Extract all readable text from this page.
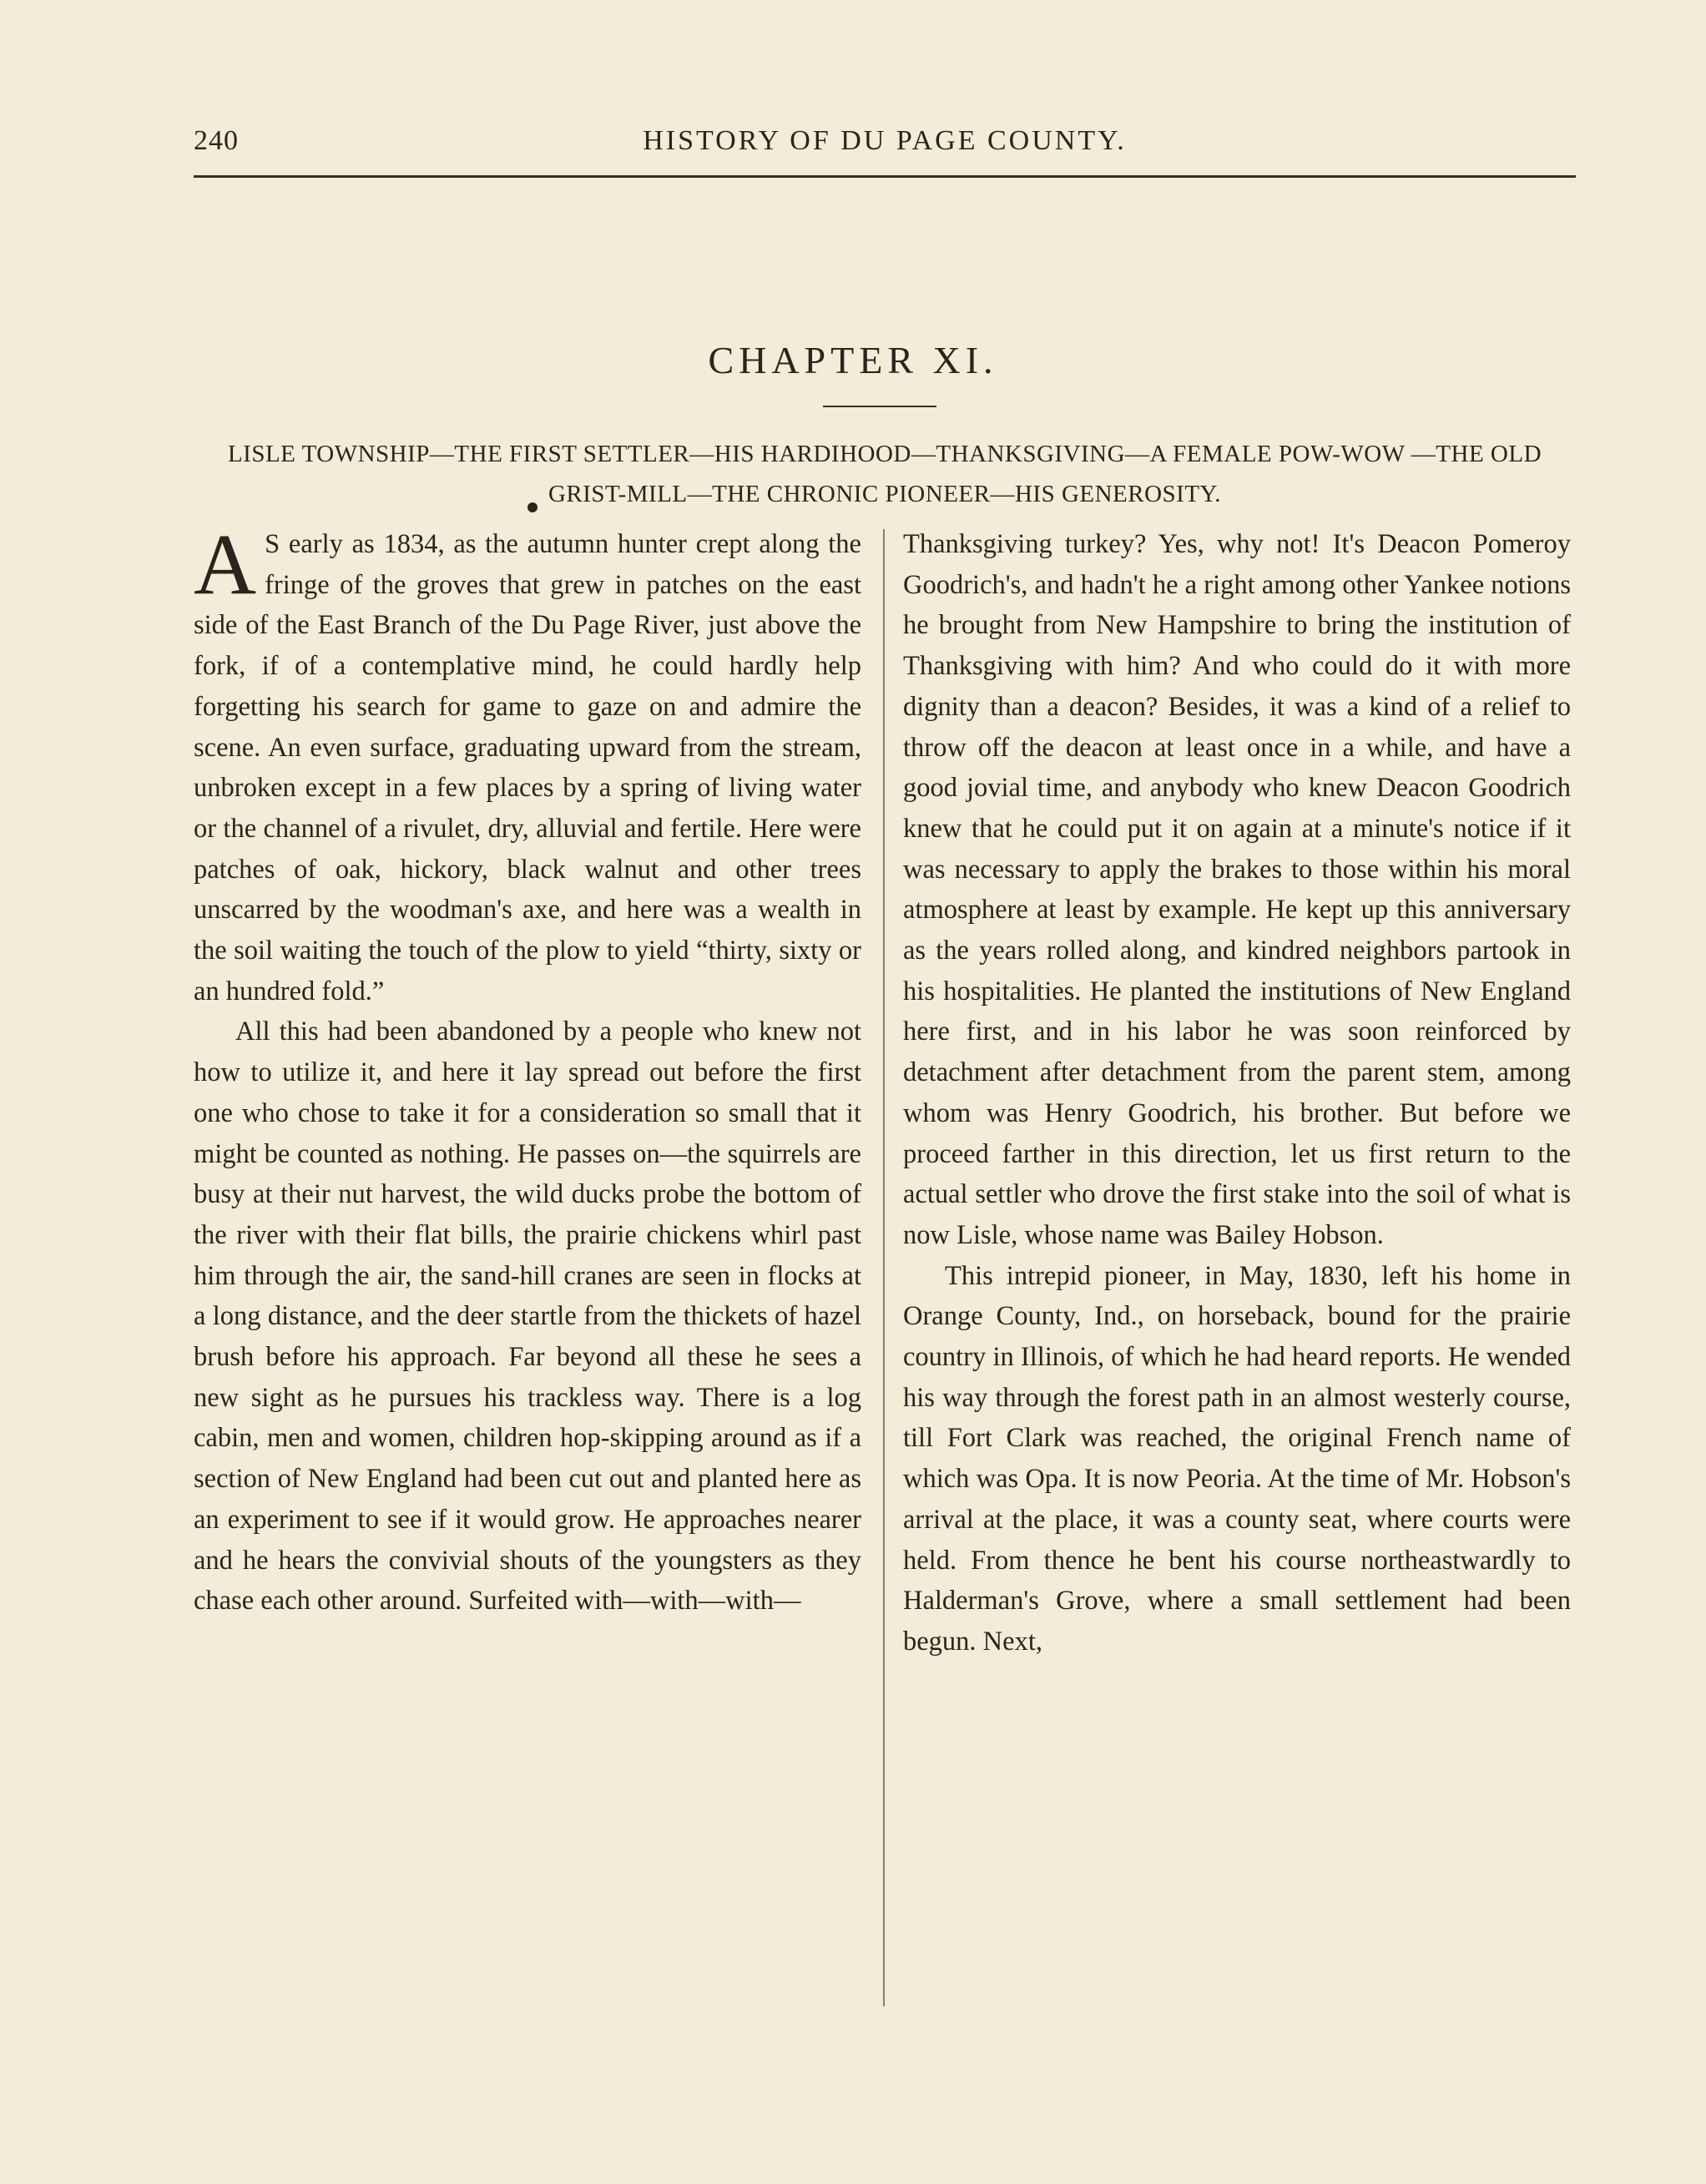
240	HISTORY OF DU PAGE COUNTY.
CHAPTER XI.
LISLE TOWNSHIP—THE FIRST SETTLER—HIS HARDIHOOD—THANKSGIVING—A FEMALE POW-WOW —THE OLD GRIST-MILL—THE CHRONIC PIONEER—HIS GENEROSITY.

A S early as 1834, as the autumn hunter crept along the fringe of the groves that grew in patches on the east side of the East Branch of the Du Page River, just above the fork, if of a contemplative mind, he could hardly help forgetting his search for game to gaze on and admire the scene. An even surface, graduating upward from the stream, unbroken except in a few places by a spring of living water or the channel of a rivulet, dry, alluvial and fertile. Here were patches of oak, hickory, black walnut and other trees unscarred by the woodman's axe, and here was a wealth in the soil waiting the touch of the plow to yield “thirty, sixty or an hundred fold.”

All this had been abandoned by a people who knew not how to utilize it, and here it lay spread out before the first one who chose to take it for a consideration so small that it might be counted as nothing. He passes on—the squirrels are busy at their nut harvest, the wild ducks probe the bottom of the river with their flat bills, the prairie chickens whirl past him through the air, the sand-hill cranes are seen in flocks at a long distance, and the deer startle from the thickets of hazel brush before his approach. Far beyond all these he sees a new sight as he pursues his trackless way. There is a log cabin, men and women, children hop-skipping around as if a section of New England had been cut out and planted here as an experiment to see if it would grow. He approaches nearer and he hears the convivial shouts of the youngsters as they chase each other around. Surfeited with—with—with—

Thanksgiving turkey? Yes, why not! It's Deacon Pomeroy Goodrich's, and hadn't he a right among other Yankee notions he brought from New Hampshire to bring the institution of Thanksgiving with him? And who could do it with more dignity than a deacon? Besides, it was a kind of a relief to throw off the deacon at least once in a while, and have a good jovial time, and anybody who knew Deacon Goodrich knew that he could put it on again at a minute's notice if it was necessary to apply the brakes to those within his moral atmosphere at least by example. He kept up this anniversary as the years rolled along, and kindred neighbors partook in his hospitalities. He planted the institutions of New England here first, and in his labor he was soon reinforced by detachment after detachment from the parent stem, among whom was Henry Goodrich, his brother. But before we proceed farther in this direction, let us first return to the actual settler who drove the first stake into the soil of what is now Lisle, whose name was Bailey Hobson.

This intrepid pioneer, in May, 1830, left his home in Orange County, Ind., on horseback, bound for the prairie country in Illinois, of which he had heard reports. He wended his way through the forest path in an almost westerly course, till Fort Clark was reached, the original French name of which was Opa. It is now Peoria. At the time of Mr. Hobson's arrival at the place, it was a county seat, where courts were held. From thence he bent his course northeastwardly to Halderman's Grove, where a small settlement had been begun. Next,
